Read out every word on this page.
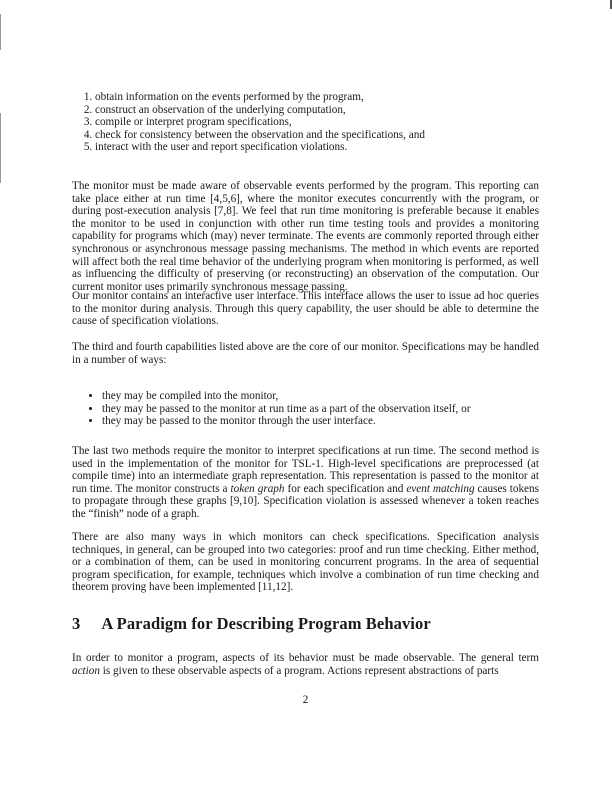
1. obtain information on the events performed by the program,
2. construct an observation of the underlying computation,
3. compile or interpret program specifications,
4. check for consistency between the observation and the specifications, and
5. interact with the user and report specification violations.

The monitor must be made aware of observable events performed by the program. This reporting can take place either at run time [4,5,6], where the monitor executes concurrently with the program, or during post-execution analysis [7,8]. We feel that run time monitoring is preferable because it enables the monitor to be used in conjunction with other run time testing tools and provides a monitoring capability for programs which (may) never terminate. The events are commonly reported through either synchronous or asynchronous message passing mechanisms. The method in which events are reported will affect both the real time behavior of the underlying program when monitoring is performed, as well as influencing the difficulty of preserving (or reconstructing) an observation of the computation. Our current monitor uses primarily synchronous message passing.

Our monitor contains an interactive user interface. This interface allows the user to issue ad hoc queries to the monitor during analysis. Through this query capability, the user should be able to determine the cause of specification violations.

The third and fourth capabilities listed above are the core of our monitor. Specifications may be handled in a number of ways:

• they may be compiled into the monitor,
• they may be passed to the monitor at run time as a part of the observation itself, or
• they may be passed to the monitor through the user interface.

The last two methods require the monitor to interpret specifications at run time. The second method is used in the implementation of the monitor for TSL-1. High-level specifications are preprocessed (at compile time) into an intermediate graph representation. This representation is passed to the monitor at run time. The monitor constructs a token graph for each specification and event matching causes tokens to propagate through these graphs [9,10]. Specification violation is assessed whenever a token reaches the “finish” node of a graph.

There are also many ways in which monitors can check specifications. Specification analysis techniques, in general, can be grouped into two categories: proof and run time checking. Either method, or a combination of them, can be used in monitoring concurrent programs. In the area of sequential program specification, for example, techniques which involve a combination of run time checking and theorem proving have been implemented [11,12].

3 A Paradigm for Describing Program Behavior

In order to monitor a program, aspects of its behavior must be made observable. The general term action is given to these observable aspects of a program. Actions represent abstractions of parts

2
